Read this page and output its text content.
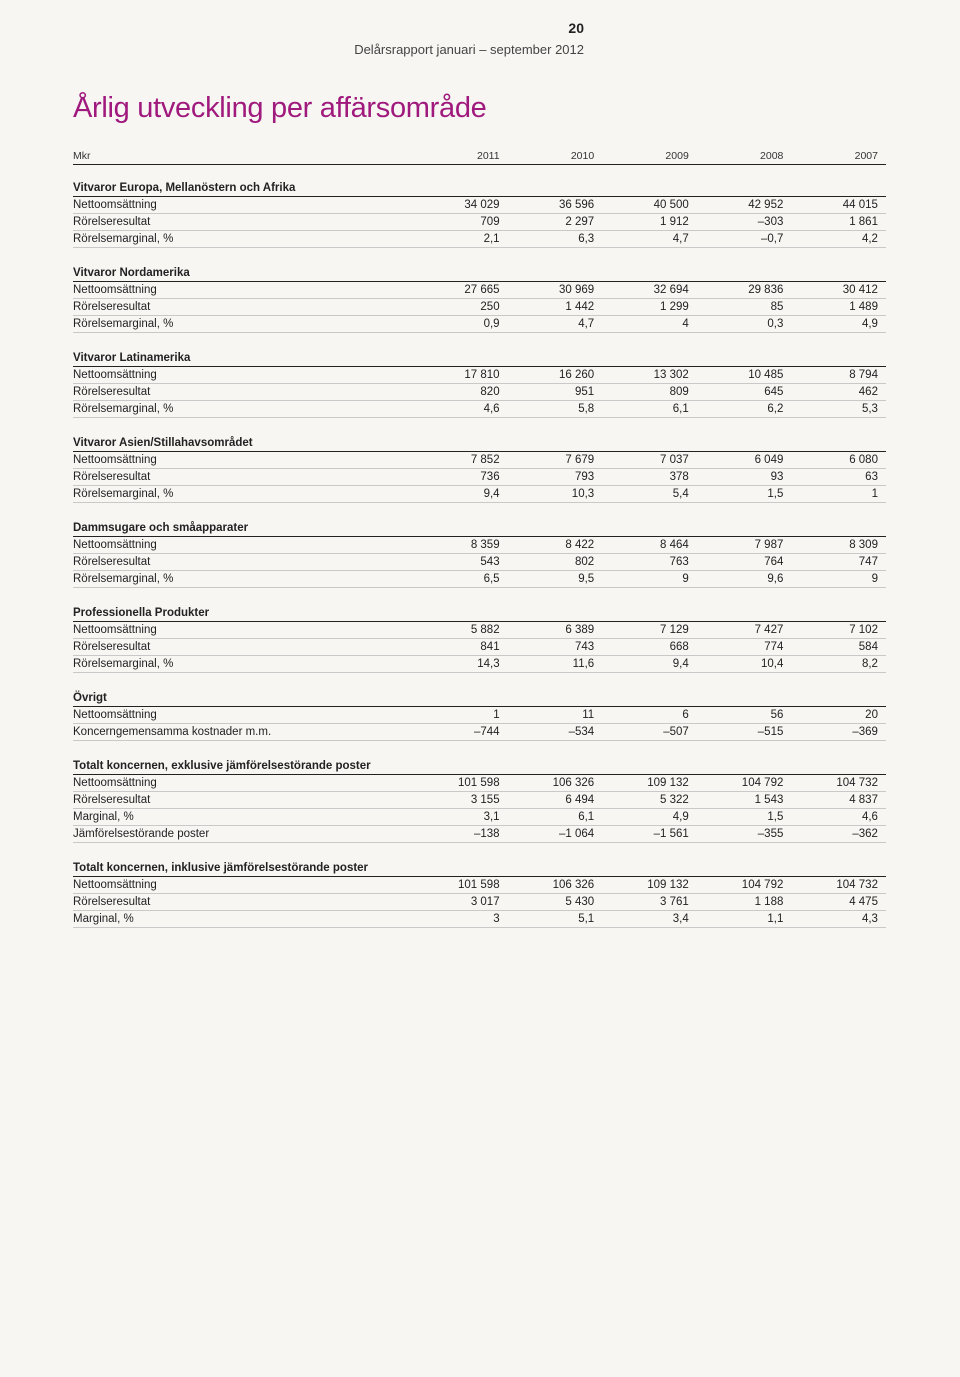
20
Delårsrapport januari – september 2012
Årlig utveckling per affärsområde
Mkr	2011	2010	2009	2008	2007
Vitvaror Europa, Mellanöstern och Afrika
Nettoomsättning	34 029	36 596	40 500	42 952	44 015
Rörelseresultat	709	2 297	1 912	–303	1 861
Rörelsemarginal, %	2,1	6,3	4,7	–0,7	4,2
Vitvaror Nordamerika
Nettoomsättning	27 665	30 969	32 694	29 836	30 412
Rörelseresultat	250	1 442	1 299	85	1 489
Rörelsemarginal, %	0,9	4,7	4	0,3	4,9
Vitvaror Latinamerika
Nettoomsättning	17 810	16 260	13 302	10 485	8 794
Rörelseresultat	820	951	809	645	462
Rörelsemarginal, %	4,6	5,8	6,1	6,2	5,3
Vitvaror Asien/Stillahavsområdet
Nettoomsättning	7 852	7 679	7 037	6 049	6 080
Rörelseresultat	736	793	378	93	63
Rörelsemarginal, %	9,4	10,3	5,4	1,5	1
Dammsugare och småapparater
Nettoomsättning	8 359	8 422	8 464	7 987	8 309
Rörelseresultat	543	802	763	764	747
Rörelsemarginal, %	6,5	9,5	9	9,6	9
Professionella Produkter
Nettoomsättning	5 882	6 389	7 129	7 427	7 102
Rörelseresultat	841	743	668	774	584
Rörelsemarginal, %	14,3	11,6	9,4	10,4	8,2
Övrigt
Nettoomsättning	1	11	6	56	20
Koncerngemensamma kostnader m.m.	–744	–534	–507	–515	–369
Totalt koncernen, exklusive jämförelsestörande poster
Nettoomsättning	101 598	106 326	109 132	104 792	104 732
Rörelseresultat	3 155	6 494	5 322	1 543	4 837
Marginal, %	3,1	6,1	4,9	1,5	4,6
Jämförelsestörande poster	–138	–1 064	–1 561	–355	–362
Totalt koncernen, inklusive jämförelsestörande poster
Nettoomsättning	101 598	106 326	109 132	104 792	104 732
Rörelseresultat	3 017	5 430	3 761	1 188	4 475
Marginal, %	3	5,1	3,4	1,1	4,3
